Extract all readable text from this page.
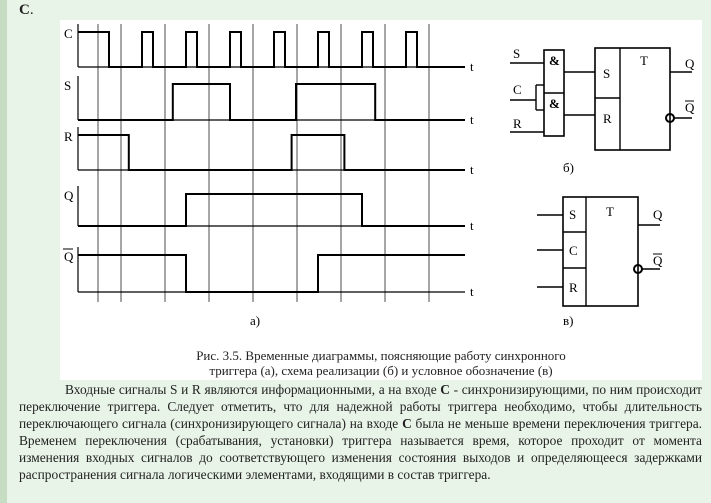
С.
t
C
t
S
t
R
t
Q
t
Q
а)
S
C
R
&
&
S
R
T	Q
Q
б)
S
C
R
T	Q
Q
в)
Рис. 3.5. Временные диаграммы, поясняющие работу синхронного
триггера (а), схема реализации (б) и условное обозначение (в)

Входные сигналы S и R являются информационными, а на входе С - синхронизирующими, по ним происходит переключение триггера. Следует отметить, что для надежной работы триггера необходимо, чтобы длительность переключающего сигнала (синхронизирующего сигнала) на входе С была не меньше времени переключения триггера. Временем переключения (срабатывания, установки) триггера называется время, которое проходит от момента изменения входных сигналов до соответствующего изменения состояния выходов и определяющееся задержками распространения сигнала логическими элементами, входящими в состав триггера.
